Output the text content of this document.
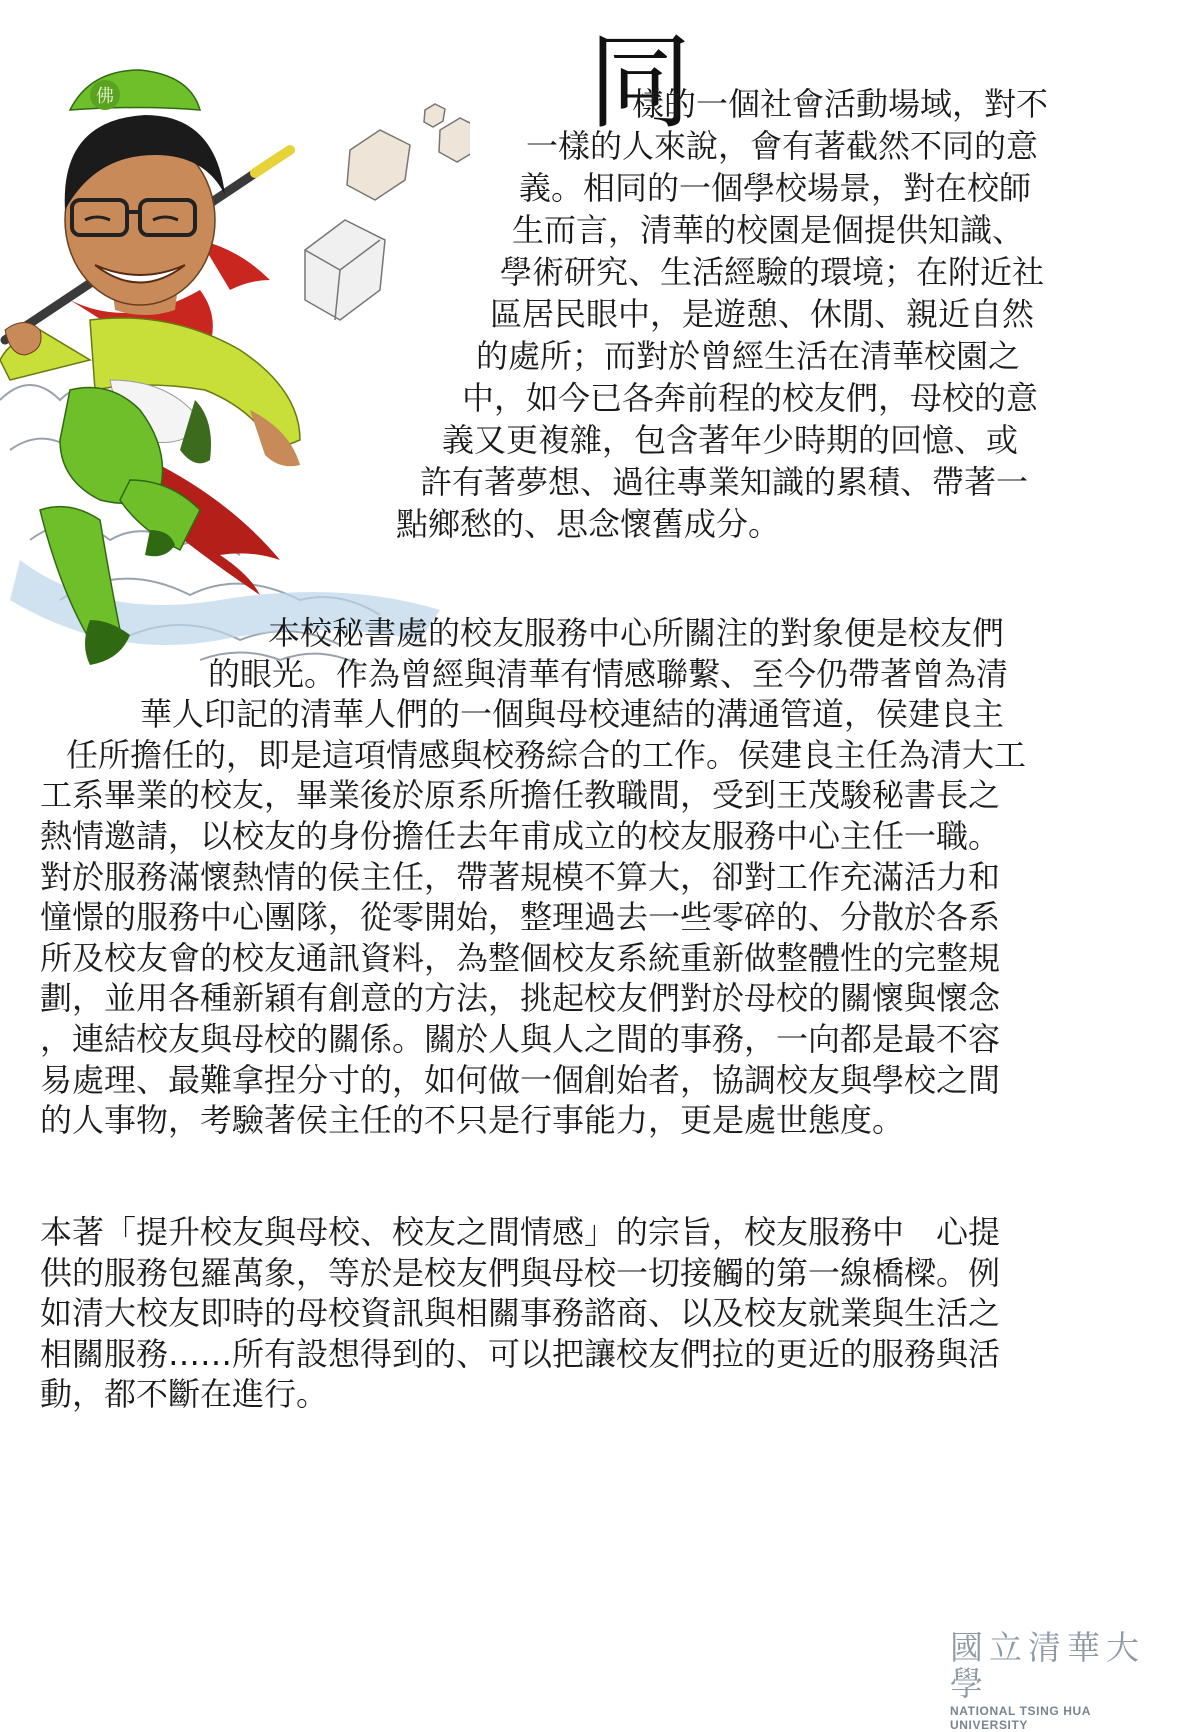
佛	同
樣的一個社會活動場域，對不
一樣的人來說，會有著截然不同的意
義。相同的一個學校場景，對在校師
生而言，清華的校園是個提供知識、
學術研究、生活經驗的環境；在附近社
區居民眼中，是遊憩、休閒、親近自然
的處所；而對於曾經生活在清華校園之
中，如今已各奔前程的校友們，母校的意
義又更複雜，包含著年少時期的回憶、或
許有著夢想、過往專業知識的累積、帶著一
點鄉愁的、思念懷舊成分。
本校秘書處的校友服務中心所關注的對象便是校友們
的眼光。作為曾經與清華有情感聯繫、至今仍帶著曾為清
華人印記的清華人們的一個與母校連結的溝通管道，侯建良主
任所擔任的，即是這項情感與校務綜合的工作。侯建良主任為清大工
工系畢業的校友，畢業後於原系所擔任教職間，受到王茂駿秘書長之
熱情邀請，以校友的身份擔任去年甫成立的校友服務中心主任一職。
對於服務滿懷熱情的侯主任，帶著規模不算大，卻對工作充滿活力和
憧憬的服務中心團隊，從零開始，整理過去一些零碎的、分散於各系
所及校友會的校友通訊資料，為整個校友系統重新做整體性的完整規
劃，並用各種新穎有創意的方法，挑起校友們對於母校的關懷與懷念
，連結校友與母校的關係。關於人與人之間的事務，一向都是最不容
易處理、最難拿捏分寸的，如何做一個創始者，協調校友與學校之間
的人事物，考驗著侯主任的不只是行事能力，更是處世態度。
本著「提升校友與母校、校友之間情感」的宗旨，校友服務中　心提
供的服務包羅萬象，等於是校友們與母校一切接觸的第一線橋樑。例
如清大校友即時的母校資訊與相關事務諮商、以及校友就業與生活之
相關服務……所有設想得到的、可以把讓校友們拉的更近的服務與活
動，都不斷在進行。
國立清華大學
NATIONAL TSING HUA UNIVERSITY
